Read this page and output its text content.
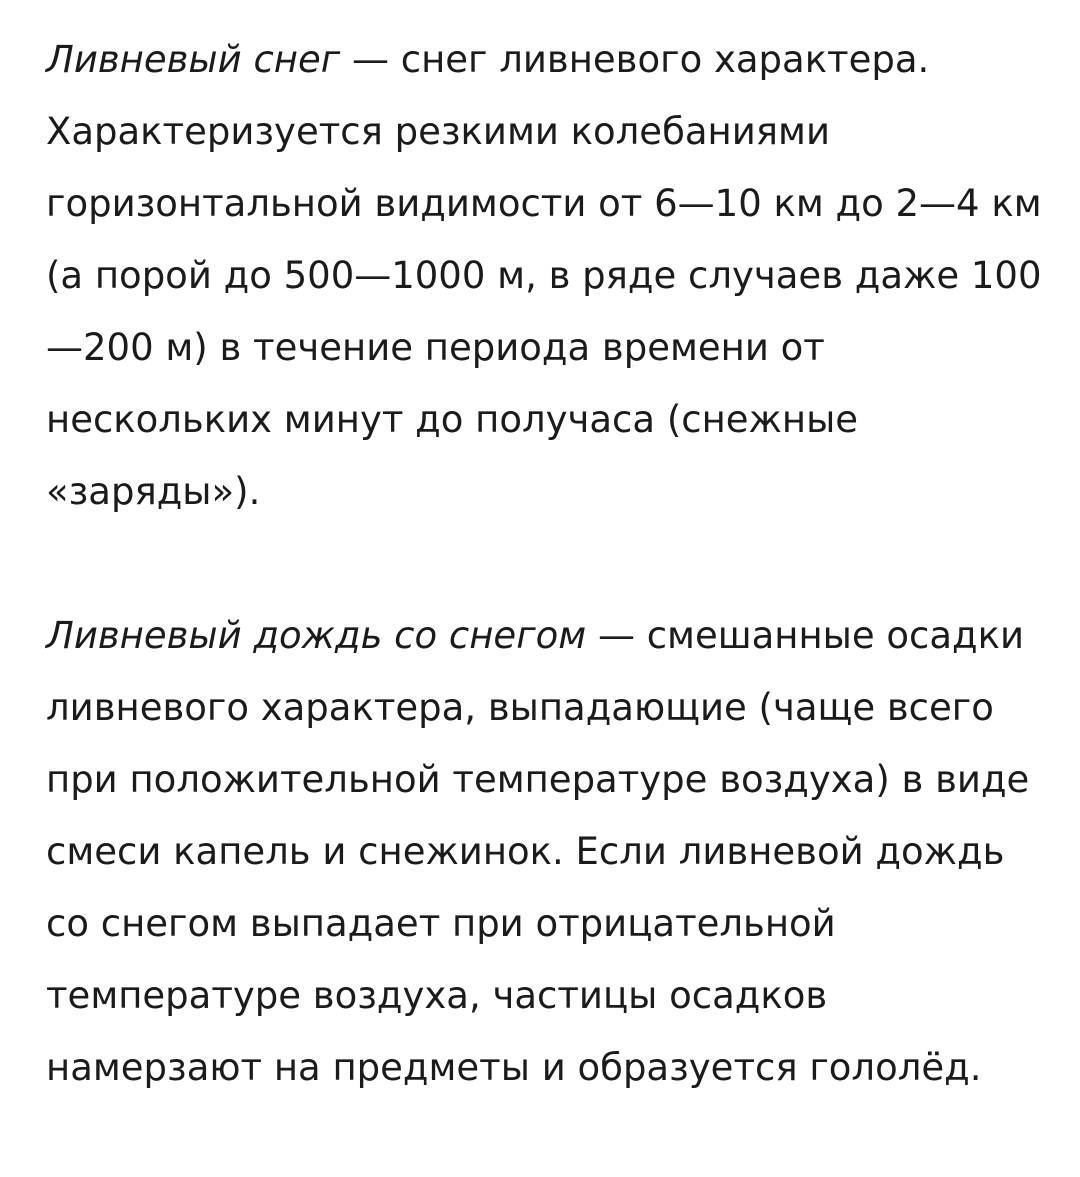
Ливневый снег — снег ливневого характера. Характеризуется резкими колебаниями горизонтальной видимости от 6—10 км до 2—4 км (а порой до 500—1000 м, в ряде случаев даже 100—200 м) в течение периода времени от нескольких минут до получаса (снежные «заряды»).

Ливневый дождь со снегом — смешанные осадки ливневого характера, выпадающие (чаще всего при положительной температуре воздуха) в виде смеси капель и снежинок. Если ливневой дождь со снегом выпадает при отрицательной температуре воздуха, частицы осадков намерзают на предметы и образуется гололёд.
